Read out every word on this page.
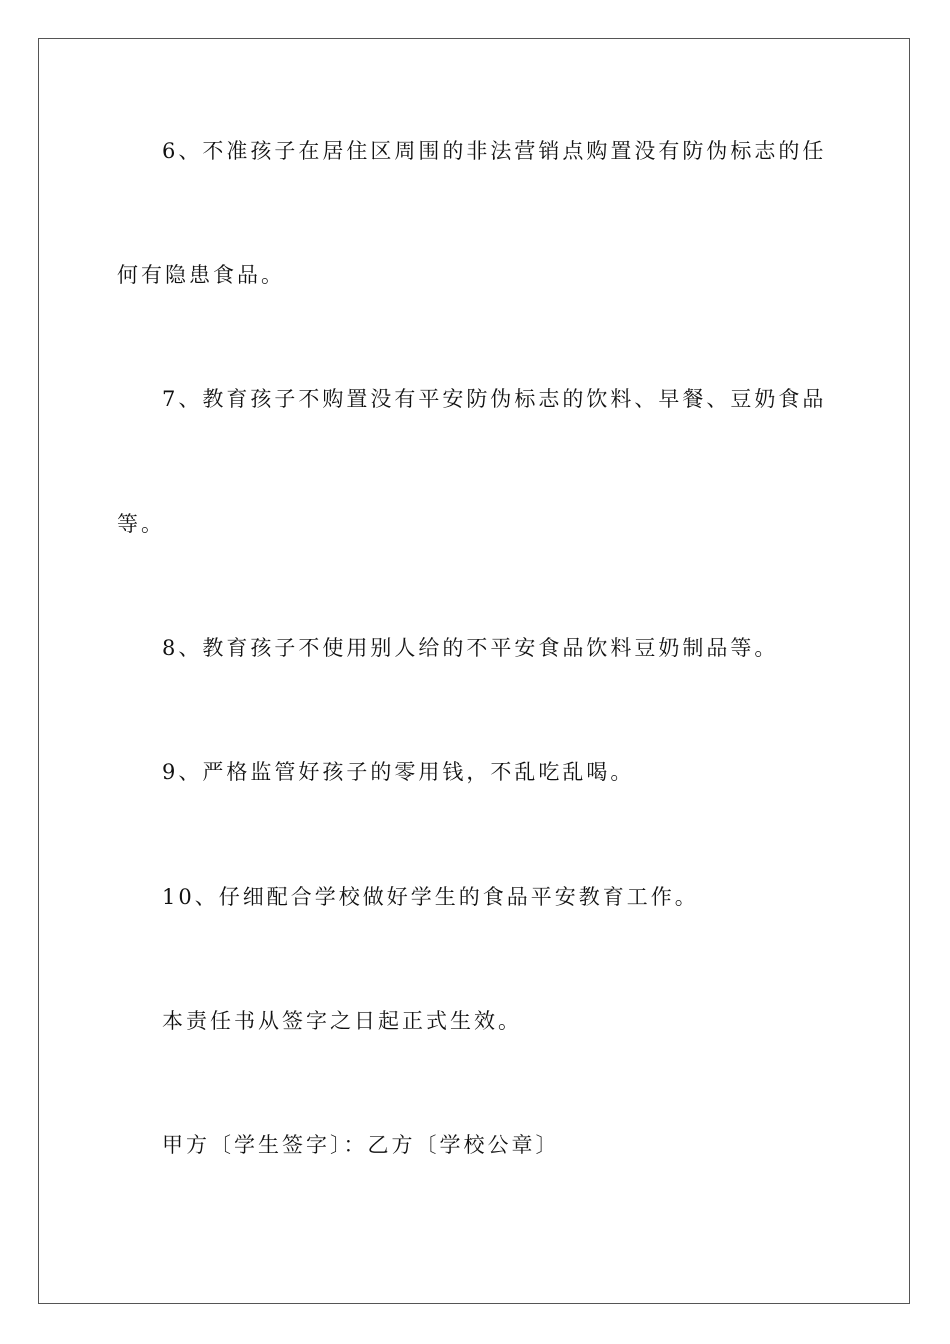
6、不准孩子在居住区周围的非法营销点购置没有防伪标志的任
何有隐患食品。
7、教育孩子不购置没有平安防伪标志的饮料、早餐、豆奶食品
等。
8、教育孩子不使用别人给的不平安食品饮料豆奶制品等。
9、严格监管好孩子的零用钱，不乱吃乱喝。
10、仔细配合学校做好学生的食品平安教育工作。
本责任书从签字之日起正式生效。
甲方〔学生签字〕：乙方〔学校公章〕
